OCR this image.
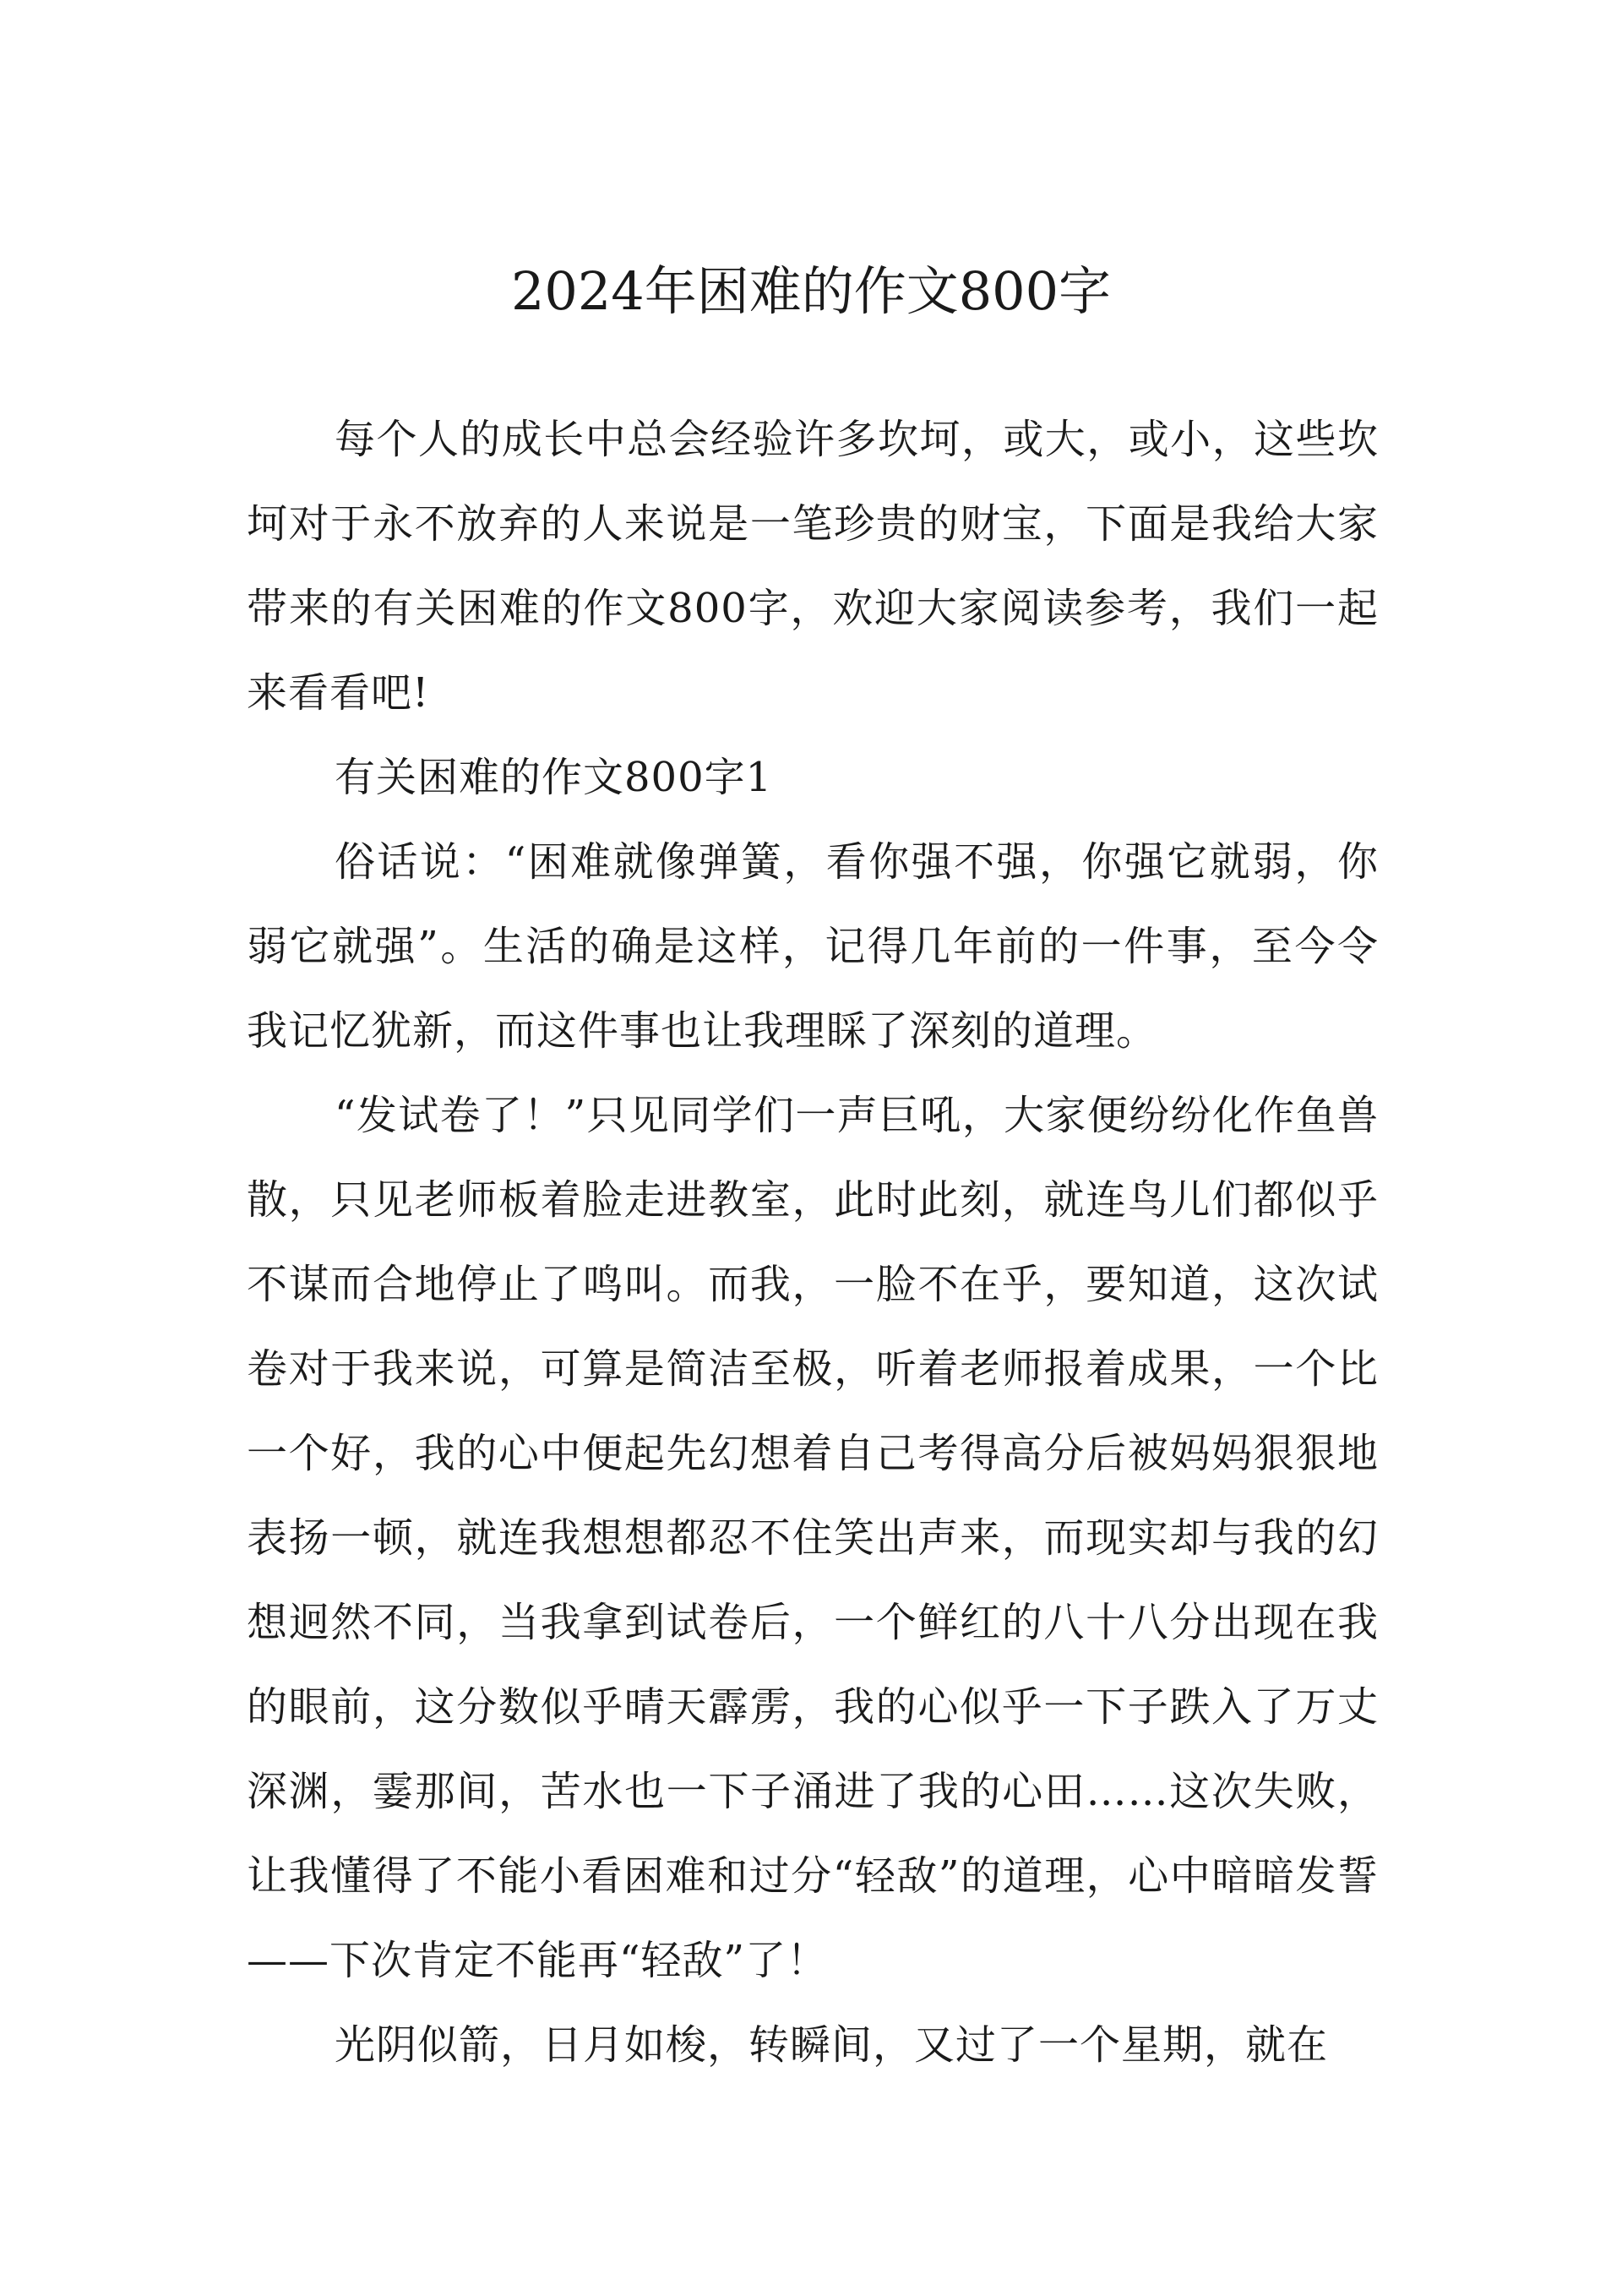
2024年困难的作文800字

每个人的成长中总会经验许多坎坷，或大，或小，这些坎坷对于永不放弃的人来说是一笔珍贵的财宝，下面是我给大家带来的有关困难的作文800字，欢迎大家阅读参考，我们一起来看看吧!

有关困难的作文800字1

俗话说：“困难就像弹簧，看你强不强，你强它就弱，你弱它就强”。生活的确是这样，记得几年前的一件事，至今令我记忆犹新，而这件事也让我理睬了深刻的道理。

“发试卷了！”只见同学们一声巨吼，大家便纷纷化作鱼兽散，只见老师板着脸走进教室，此时此刻，就连鸟儿们都似乎不谋而合地停止了鸣叫。而我，一脸不在乎，要知道，这次试卷对于我来说，可算是简洁至极，听着老师报着成果，一个比一个好，我的心中便起先幻想着自己考得高分后被妈妈狠狠地表扬一顿，就连我想想都忍不住笑出声来，而现实却与我的幻想迥然不同，当我拿到试卷后，一个鲜红的八十八分出现在我的眼前，这分数似乎晴天霹雳，我的心似乎一下子跌入了万丈深渊，霎那间，苦水也一下子涌进了我的心田……这次失败，让我懂得了不能小看困难和过分“轻敌”的道理，心中暗暗发誓——下次肯定不能再“轻敌”了！

光阴似箭，日月如梭，转瞬间，又过了一个星期，就在
